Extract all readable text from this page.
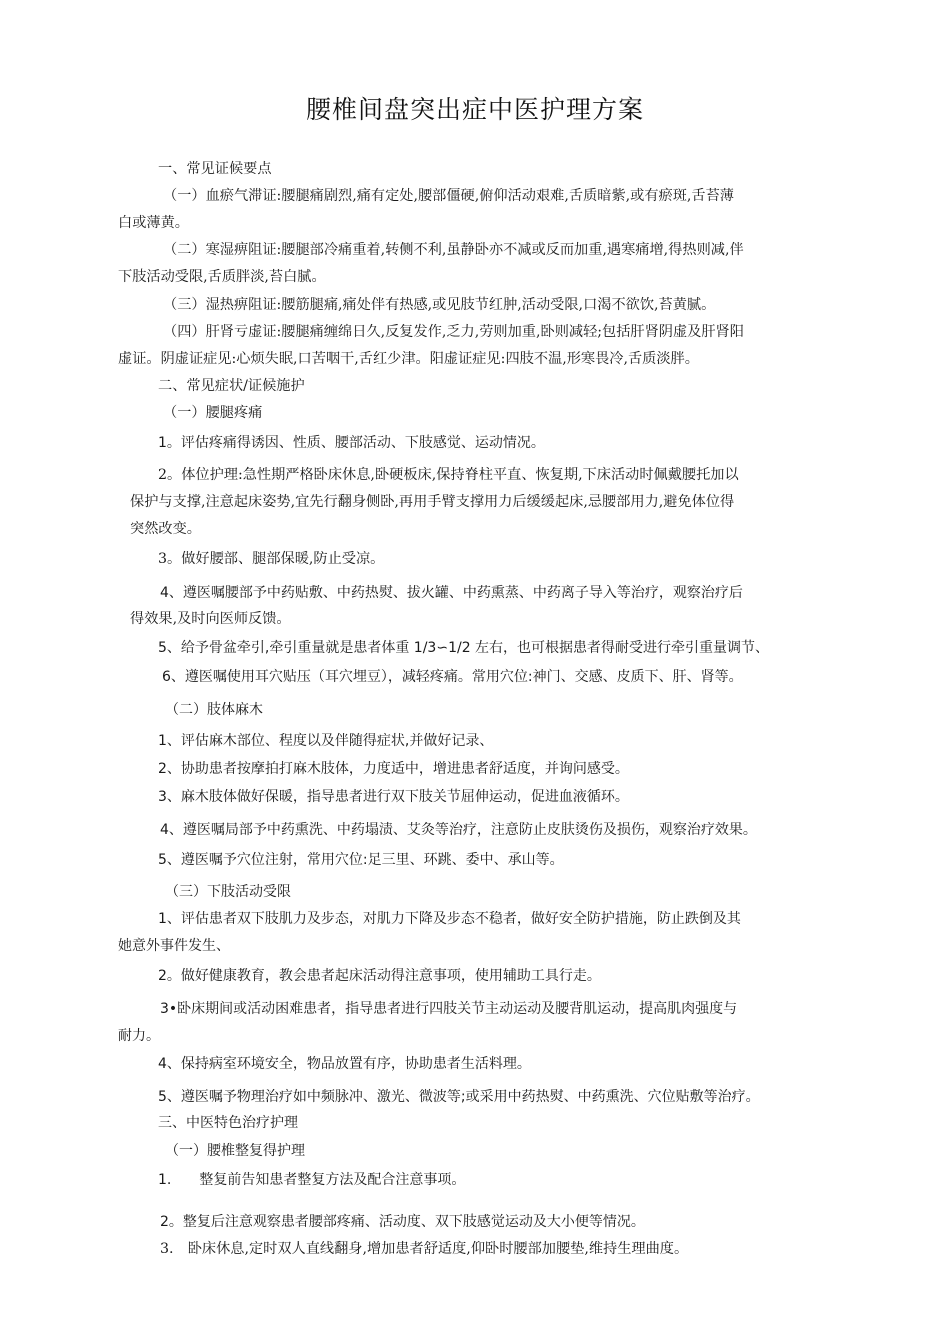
腰椎间盘突出症中医护理方案

一、常见证候要点

（一）血瘀气滞证:腰腿痛剧烈,痛有定处,腰部僵硬,俯仰活动艰难,舌质暗紫,或有瘀斑,舌苔薄

白或薄黄。

（二）寒湿痹阻证:腰腿部冷痛重着,转侧不利,虽静卧亦不减或反而加重,遇寒痛增,得热则减,伴

下肢活动受限,舌质胖淡,苔白腻。

（三）湿热痹阻证:腰筋腿痛,痛处伴有热感,或见肢节红肿,活动受限,口渴不欲饮,苔黄腻。

（四）肝肾亏虚证:腰腿痛缠绵日久,反复发作,乏力,劳则加重,卧则减轻;包括肝肾阴虚及肝肾阳

虚证。阴虚证症见:心烦失眠,口苦咽干,舌红少津。阳虚证症见:四肢不温,形寒畏冷,舌质淡胖。

二、常见症状/证候施护

（一）腰腿疼痛

1。评估疼痛得诱因、性质、腰部活动、下肢感觉、运动情况。

2。体位护理:急性期严格卧床休息,卧硬板床,保持脊柱平直、恢复期,下床活动时佩戴腰托加以

保护与支撑,注意起床姿势,宜先行翻身侧卧,再用手臂支撑用力后缓缓起床,忌腰部用力,避免体位得

突然改变。

3。做好腰部、腿部保暖,防止受凉。

4、遵医嘱腰部予中药贴敷、中药热熨、拔火罐、中药熏蒸、中药离子导入等治疗，观察治疗后

得效果,及时向医师反馈。

5、给予骨盆牵引,牵引重量就是患者体重 1/3∽1/2 左右，也可根据患者得耐受进行牵引重量调节、

6、遵医嘱使用耳穴贴压（耳穴埋豆），减轻疼痛。常用穴位:神门、交感、皮质下、肝、肾等。

（二）肢体麻木

1、评估麻木部位、程度以及伴随得症状,并做好记录、

2、协助患者按摩拍打麻木肢体，力度适中，增进患者舒适度，并询问感受。

3、麻木肢体做好保暖，指导患者进行双下肢关节屈伸运动，促进血液循环。

4、遵医嘱局部予中药熏洗、中药塌渍、艾灸等治疗，注意防止皮肤烫伤及损伤，观察治疗效果。

5、遵医嘱予穴位注射，常用穴位:足三里、环跳、委中、承山等。

（三）下肢活动受限

1、评估患者双下肢肌力及步态，对肌力下降及步态不稳者，做好安全防护措施，防止跌倒及其

她意外事件发生、

2。做好健康教育，教会患者起床活动得注意事项，使用辅助工具行走。

3•卧床期间或活动困难患者，指导患者进行四肢关节主动运动及腰背肌运动，提高肌肉强度与

耐力。

4、保持病室环境安全，物品放置有序，协助患者生活料理。

5、遵医嘱予物理治疗如中频脉冲、激光、微波等;或采用中药热熨、中药熏洗、穴位贴敷等治疗。

三、中医特色治疗护理

（一）腰椎整复得护理

1.　　整复前告知患者整复方法及配合注意事项。

2。整复后注意观察患者腰部疼痛、活动度、双下肢感觉运动及大小便等情况。

3.　卧床休息,定时双人直线翻身,增加患者舒适度,仰卧时腰部加腰垫,维持生理曲度。
